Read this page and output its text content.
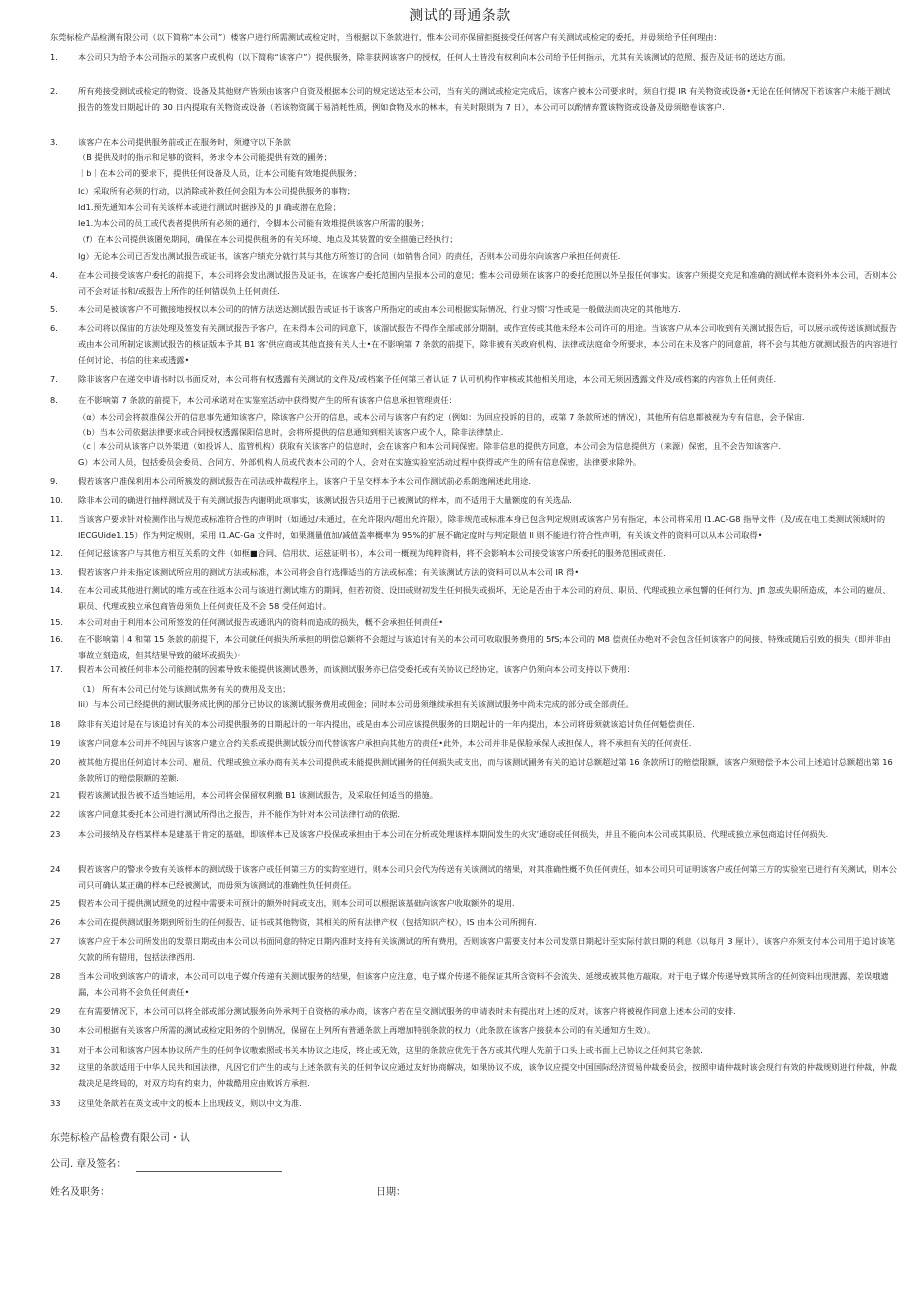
测试的哥通条款
东莞标检产品检测有限公司（以下简称“本公司”）楼客户进行所需测试或检定时，当根据以下条款进行，惟本公司亦保留拒挺接受任何客户有关测试或检定的委托，并毋须给予任何理由：
1. 本公司只为给予本公司指示的某客户或机构（以下简称“该客户”）提供服务，除非获网该客户的授权，任何人士皆没有权利向本公司给予任何指示，尤其有关该测试的范照、报告及证书的送达方面。
2. 所有苑接受测试或检定的物资、设备及其他财产皆须由该客户自资及根据本公司的规定送达至本公司，当有关的测试或检定完成后，该客户被本公司要求时，须自行提 IR 有关物资或设备•无论在任何情况下若该客户未能于测试报告的签发日期起计的 30 日内提取有关物资或设备（若该物资属于易消耗性质，例如食物及水的林本，有关时限則为 7 日），本公司可以酌情弃置该物资或设备及毋須賠卷该客户.
3. 该客户在本公司提供服务前或正在服务时，须遵守以下条款
4. 在本公司接受该客户委托的前提下，本公司将会发出测试报告及证书，在该客户委托范围内呈报本公司的意见；惟本公司毋须在该客户的委托范围以外呈报任何事实。该客户须提交充足和准确的测试样本资料外本公司，否则本公司不会对证书和/或报告上所作的任何错误负上任何责任.
5. 本公司是被该客户不可撤接地授权以本公司的的情方法送达测试报告或证书于该客户所指定的或由本公司根据实际情况、行业习惯’习性或是一般做法而决定的其他地方.
6. 本公司将以保宙的方法处理及签发有关测试报告予客户，在未得本公司的同意下，该溜试报告不得作全部或部分期制，或作宣传或其他未经本公司许可的用途。当该客户从本公司收到有关测试报告后，可以展示或传送该测试报告或由本公司所制定该测试报告的核证版本予其 B1 客'供应商或其他直接有关人士•在不影响第 7 条款的前提下，除非被有关政府机构、法律或法庭命令所要求，本公司在未及客户的同意前，将不会与其他方就测试报告的内容进行任何讨论、书信的往来或透露•
7. 除非该客户在递交申请书时以书面反对，本公司将有权透露有关测试的文件及/或档案予任何第三者认证 7 认可机构作审核或其他相关用途，本公司无须因透露文件及/或档案的内容负上任何责任.
8. 在不影响第 7 条款的前提下，本公司承诺对在实鉴室活动中获得熨产生的所有该客户信息承担管理责任：
9. 假若该客户准保利用本公司所簇发的测试报告在司法或仲裁程序上，该客户于呈交样本予本公司作测试前必系朗逸阐述此用途.
10. 除非本公司的确进行抽样测试及于有关测试报告内谢明此项事实，该测试报告只适用于已被测试的样本，而不适用于大量额度的有关选品.
11. 当该客户要求针对检测作出与规范或标准符合性的声明时（如通过/未通过，在允许限内/超出允许限），除非规范或标准本身已包含判定规则或该客户另有指定，本公司将采用 I1.AC-G8 指导文件（及/或在电工类测试领域时的 IECGUide1.15）作为判定规则，采用 I1.AC-Ga 文件时，如果測量值加/减值盖率概率为 95%的扩展不确定度时与判定限值 Il 则不能进行符合性声明，有关该文件的资料可以从本公司取得•
12. 任何记兹该客户与其他方相互关系的文件（如框■合同、信用状、运兹证明书），本公司一概视为纯粹资料，将不会影响本公司接受该客户所委托的服务范围或责任.
13. 假若该客户并未指定该测试所应用的测试方法或标准，本公司将会自行选擇适当的方法或标准；有关该测试方法的资料可以从本公司 IR 得•
14. 在本公司或其他进行测试的堆方或在往返本公司与该进行测试堆方的期间，但若初资、设田或财初发生任何损失或损坏，无论是否由于本公司的府员、职员、代理或独立承包響的任何行为、Jfl 忽或失职所造成，本公司的雇员、职员、代理或独立承包商皆毋须负上任何责任及不会 58 受任何追讨。
15. 本公司对由于利用本公司所签发的任何测试报告或通讯内的资料而造成的损失，概不会承担任何责任•
16. 在不影响第｜4 和第 15 条款的前提下，本公司就任何损失所承担的明偿总额将不会超过与该追讨有关的本公司可收取服务费用的 5fS;本公司的 M8 偿责任办绝对不会包含任何该客户的间接、特殊或随后引致的损失（即并非由事故立刻造成，但其结果导致的破坏或损失）·
17. 假若本公司被任何非本公司能控制的因素导致未能提供该测试愚务，而该测试服务亦已信受委托或有关协议已经协定，该客户仍须向本公司支持以下费用：
18 除非有关追讨是在与该追讨有关的本公司提供服务的日期起计的一年内提出，或是由本公司应该提供服务的日期起计的一年内提出，本公司将毋须就该追讨负任何魁偿责任.
19 该客户同意本公司并不纯因与该客户建立合约关系或提供测试版分而代替该客户承担向其他方的责任•此外，本公司并非是保脸承保人或担保人，将不承担有关的任何责任.
20 被其他方提出任何追讨本公司、雇员、代理或独立承办商有关本公司提供或未能提供测试圃务的任何损失或支出，而与该测试圃务有关的追讨总额超过第 16 条款所订的赔偿限额，该客户须赔偿予本公司上述追讨总额超出第 16 条款所订的赔偿限额的差额.
21 假若该测试报告被不适当她运用，本公司将会保留权利撤 B1 该测试报告，及采取任何适当的措施。
22 该客户同意其委托本公司进行测试所得出之报告，并不能作为针对本公司法律行动的依据.
23 本公司接纳及存档某样本是建基于肯定的基础，即该样本已及该客户投保或承担由于本公司在分析或处理该样本期间发生的火灾’通窃或任何损失，并且不能向本公司或其职员、代理或独立承包商追讨任何损失.
24 假若该客户的警求令致有关该样本的测试级于该客户或任何第三方的实鈞室进行，则本公司只会代为传送有关该测试的绪果，对其准确性概不负任何责任，如本公司只可证明该客户或任何第三方的实验室已进行有关测试，则本公司只可确认某正确的样本已经被测试，而毋须为该测试的准确性负任何责任。
25 假若本公司于提供测试照免的过程中需要未可预计的额外时间或支出，则本公司可以根据该基础向该客户收取额外的堤用.
26 本公司在提供测试服务期到所衍生的任何报告、证书或其他物资，其相关的所有法律产权（包括知识产权），IS 由本公司所拥有.
27 该客户应于本公司所发出的发票日期或由本公司以书面同意的特定日期内准时支持有关该测试的所有费用，否则该客户需要支付本公司发票日期起计至实际付款日期的利息（以每月 3 厘计），该客户亦须支付本公司用于追讨该笔欠款的所有错用，包括法律西用.
28 当本公司收到该客户的请求，本公司可以电子媒介传递有关测试服务的结果，但该客户应注意，电子媒介传递不能保证其所含资料不会流失、延缓或被其他方敲取。对于电子媒介传递导致其所含的任何资料出现泄露、差误哦遗漏，本公司将不会负任何责任•
29 在有需要情况下，本公司可以将全部或部分测试服务向外承判于自资格的承办商，该客户若在呈交测试服务的申请表时未有提出对上述的反对，该客户将被视作同意上述本公司的安排.
30 本公司根据有关该客户所需的测试或检定阳务的个别情况，保留在上列所有普通条款上再增加特别条款的权力（此条款在该客户接获本公司的有关通知方生效）。
31 对于本公司和该客户因本协议所产生的任何争议嗷索照或书关本协议之违反，终止或无效，这里的条款应优先于各方或其代理人先前于口头上或书面上已协议之任何其它条款.
32 这里的条款适用于中华人民共和国法律，凡因它们产生的或与上述条款有关的任何争议应通过友好协商解决，如果协议不成，该争议应提交中国国际经济贸易仲裁委员会，按照申请仲裁时该会现行有效的仲裁规则进行仲裁，仲裁裁决足是终局的，对双方均有约束力，仲裁酷用应由败诉方承担.
33 这里处条歆若在英文或中文的板本上出现歧义，则以中文为准.
（B 提供及时的指示和足够的资料，务求令本公司能提供有效的圃务；
｜b｜在本公司的要求下，提供任何设备及人员，让本公司能有效地提供服务；
Ic）采取所有必须的行动，以消除或补救任何会阻为本公司提供服务的事物；
Id1.预先通知本公司有关该样本或进行测试时据涉及的 JI 确或潜在危险；
Ie1.为本公司的员工或代表者提供所有必须的通行，令脚本公司能有效堆提供该客户所需的服务；
（f）在本公司提供该圍免期间，确保在本公司提供租务的有关环境、地点及其装置的安全措施已经执行；
Ig）无论本公司已否发出测试报告或证书，该客户绩充分就行其与其他方所签订的合同（如销售合同）的责任，否则本公司毋尔向该客户承担任何责任.
（α）本公司会将菽准保公开的信息事先通知该客户，除该客户公开的信息，或本公司与该客户有约定（例如：为回应投诉的目的，或第 7 条款所述的情况），其他所有信息都被视为专有信息，会予保宙.
（b）当本公司依据法律要求或合同授权透露保阳信息时，会将所提供的信息通知到相关该客户或个人，除非法律禁止.
（c｜本公司从该客户以外渠道（如投诉人、监管机构）获取有关该客户的信息时，会在该客户和本公司间保密。除非信息的提供方同意，本公司会为信息提供方（来源）保密，且不会告知该客户.
G）本公司人员，包括委员会委员、合同方、外部机构人员或代表本公司的个人，会对在实施实验室活动过程中获得或产生的所有信息保密，法律要求除外。
（1） 所有本公司已付处与该测试焦务有关的费用及支出；
Iii）与本公司已经提供的测试服务成比例的部分已协议的该测试服务费用或佣金；同时本公司毋须继续承担有关该测试服务中尚未完成的部分或全部责任。
东莞标检产品检费有限公司・认
公司. 章及签名：
姓名及职务：	日期：
